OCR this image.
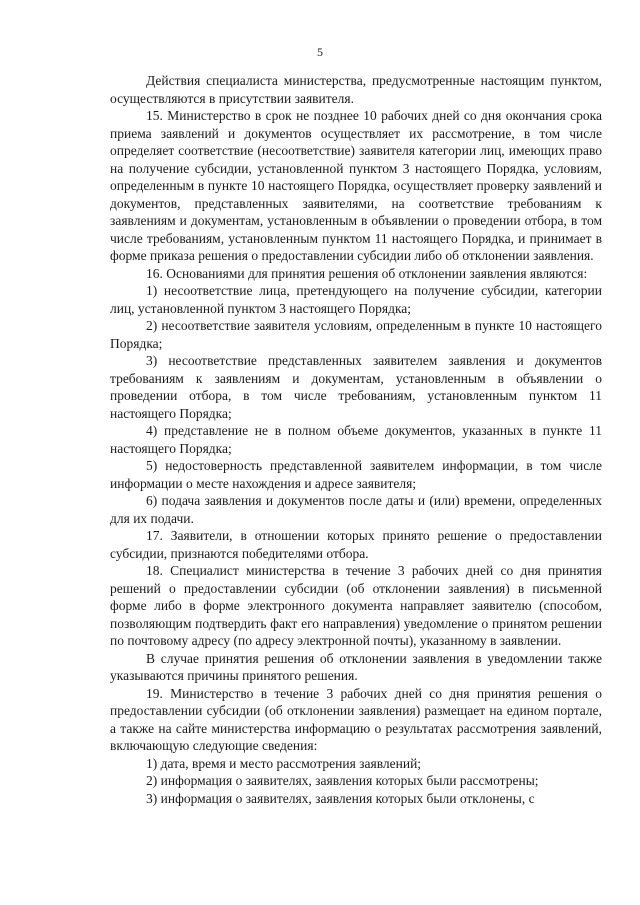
5

Действия специалиста министерства, предусмотренные настоящим пунктом, осуществляются в присутствии заявителя.

15. Министерство в срок не позднее 10 рабочих дней со дня окончания срока приема заявлений и документов осуществляет их рассмотрение, в том числе определяет соответствие (несоответствие) заявителя категории лиц, имеющих право на получение субсидии, установленной пунктом 3 настоящего Порядка, условиям, определенным в пункте 10 настоящего Порядка, осуществляет проверку заявлений и документов, представленных заявителями, на соответствие требованиям к заявлениям и документам, установленным в объявлении о проведении отбора, в том числе требованиям, установленным пунктом 11 настоящего Порядка, и принимает в форме приказа решения о предоставлении субсидии либо об отклонении заявления.

16. Основаниями для принятия решения об отклонении заявления являются:

1) несоответствие лица, претендующего на получение субсидии, категории лиц, установленной пунктом 3 настоящего Порядка;

2) несоответствие заявителя условиям, определенным в пункте 10 настоящего Порядка;

3) несоответствие представленных заявителем заявления и документов требованиям к заявлениям и документам, установленным в объявлении о проведении отбора, в том числе требованиям, установленным пунктом 11 настоящего Порядка;

4) представление не в полном объеме документов, указанных в пункте 11 настоящего Порядка;

5) недостоверность представленной заявителем информации, в том числе информации о месте нахождения и адресе заявителя;

6) подача заявления и документов после даты и (или) времени, определенных для их подачи.

17. Заявители, в отношении которых принято решение о предоставлении субсидии, признаются победителями отбора.

18. Специалист министерства в течение 3 рабочих дней со дня принятия решений о предоставлении субсидии (об отклонении заявления) в письменной форме либо в форме электронного документа направляет заявителю (способом, позволяющим подтвердить факт его направления) уведомление о принятом решении по почтовому адресу (по адресу электронной почты), указанному в заявлении.

В случае принятия решения об отклонении заявления в уведомлении также указываются причины принятого решения.

19. Министерство в течение 3 рабочих дней со дня принятия решения о предоставлении субсидии (об отклонении заявления) размещает на едином портале, а также на сайте министерства информацию о результатах рассмотрения заявлений, включающую следующие сведения:

1) дата, время и место рассмотрения заявлений;

2) информация о заявителях, заявления которых были рассмотрены;

3) информация о заявителях, заявления которых были отклонены, с
